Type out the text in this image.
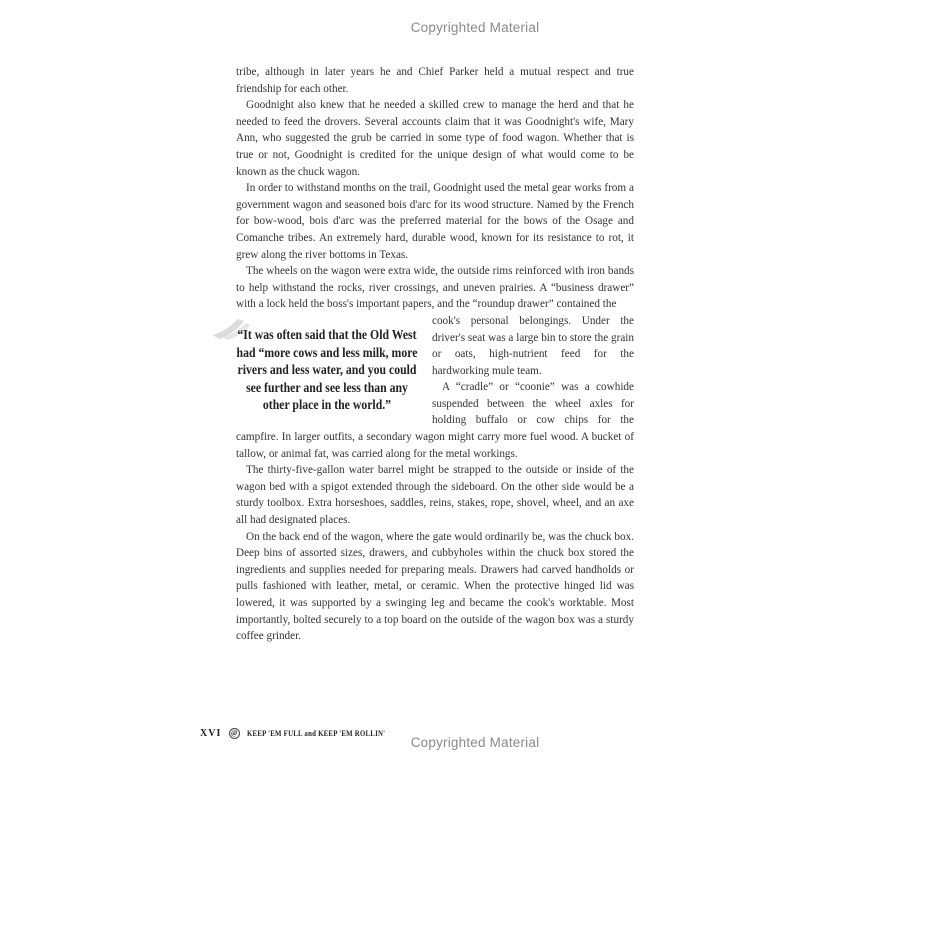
Copyrighted Material

tribe, although in later years he and Chief Parker held a mutual respect and true friendship for each other.

Goodnight also knew that he needed a skilled crew to manage the herd and that he needed to feed the drovers. Several accounts claim that it was Goodnight's wife, Mary Ann, who suggested the grub be carried in some type of food wagon. Whether that is true or not, Goodnight is credited for the unique design of what would come to be known as the chuck wagon.

In order to withstand months on the trail, Goodnight used the metal gear works from a government wagon and seasoned bois d'arc for its wood structure. Named by the French for bow-wood, bois d'arc was the preferred material for the bows of the Osage and Comanche tribes. An extremely hard, durable wood, known for its resistance to rot, it grew along the river bottoms in Texas.

The wheels on the wagon were extra wide, the outside rims reinforced with iron bands to help withstand the rocks, river crossings, and uneven prairies. A “business drawer” with a lock held the boss's important papers, and the “roundup drawer” contained the

“It was often said that the Old West had “more cows and less milk, more rivers and less water, and you could see further and see less than any other place in the world.”

cook's personal belongings. Under the driver's seat was a large bin to store the grain or oats, high-nutrient feed for the hardworking mule team.

A “cradle” or “coonie” was a cowhide suspended between the wheel axles for holding buffalo or cow chips for the campfire. In larger outfits, a secondary wagon might carry more fuel wood. A bucket of tallow, or animal fat, was carried along for the metal workings.

The thirty-five-gallon water barrel might be strapped to the outside or inside of the wagon bed with a spigot extended through the sideboard. On the other side would be a sturdy toolbox. Extra horseshoes, saddles, reins, stakes, rope, shovel, wheel, and an axe all had designated places.

On the back end of the wagon, where the gate would ordinarily be, was the chuck box. Deep bins of assorted sizes, drawers, and cubbyholes within the chuck box stored the ingredients and supplies needed for preparing meals. Drawers had carved handholds or pulls fashioned with leather, metal, or ceramic. When the protective hinged lid was lowered, it was supported by a swinging leg and became the cook's worktable. Most importantly, bolted securely to a top board on the outside of the wagon box was a sturdy coffee grinder.

XVI @ KEEP 'EM FULL and KEEP 'EM ROLLIN'
Copyrighted Material
